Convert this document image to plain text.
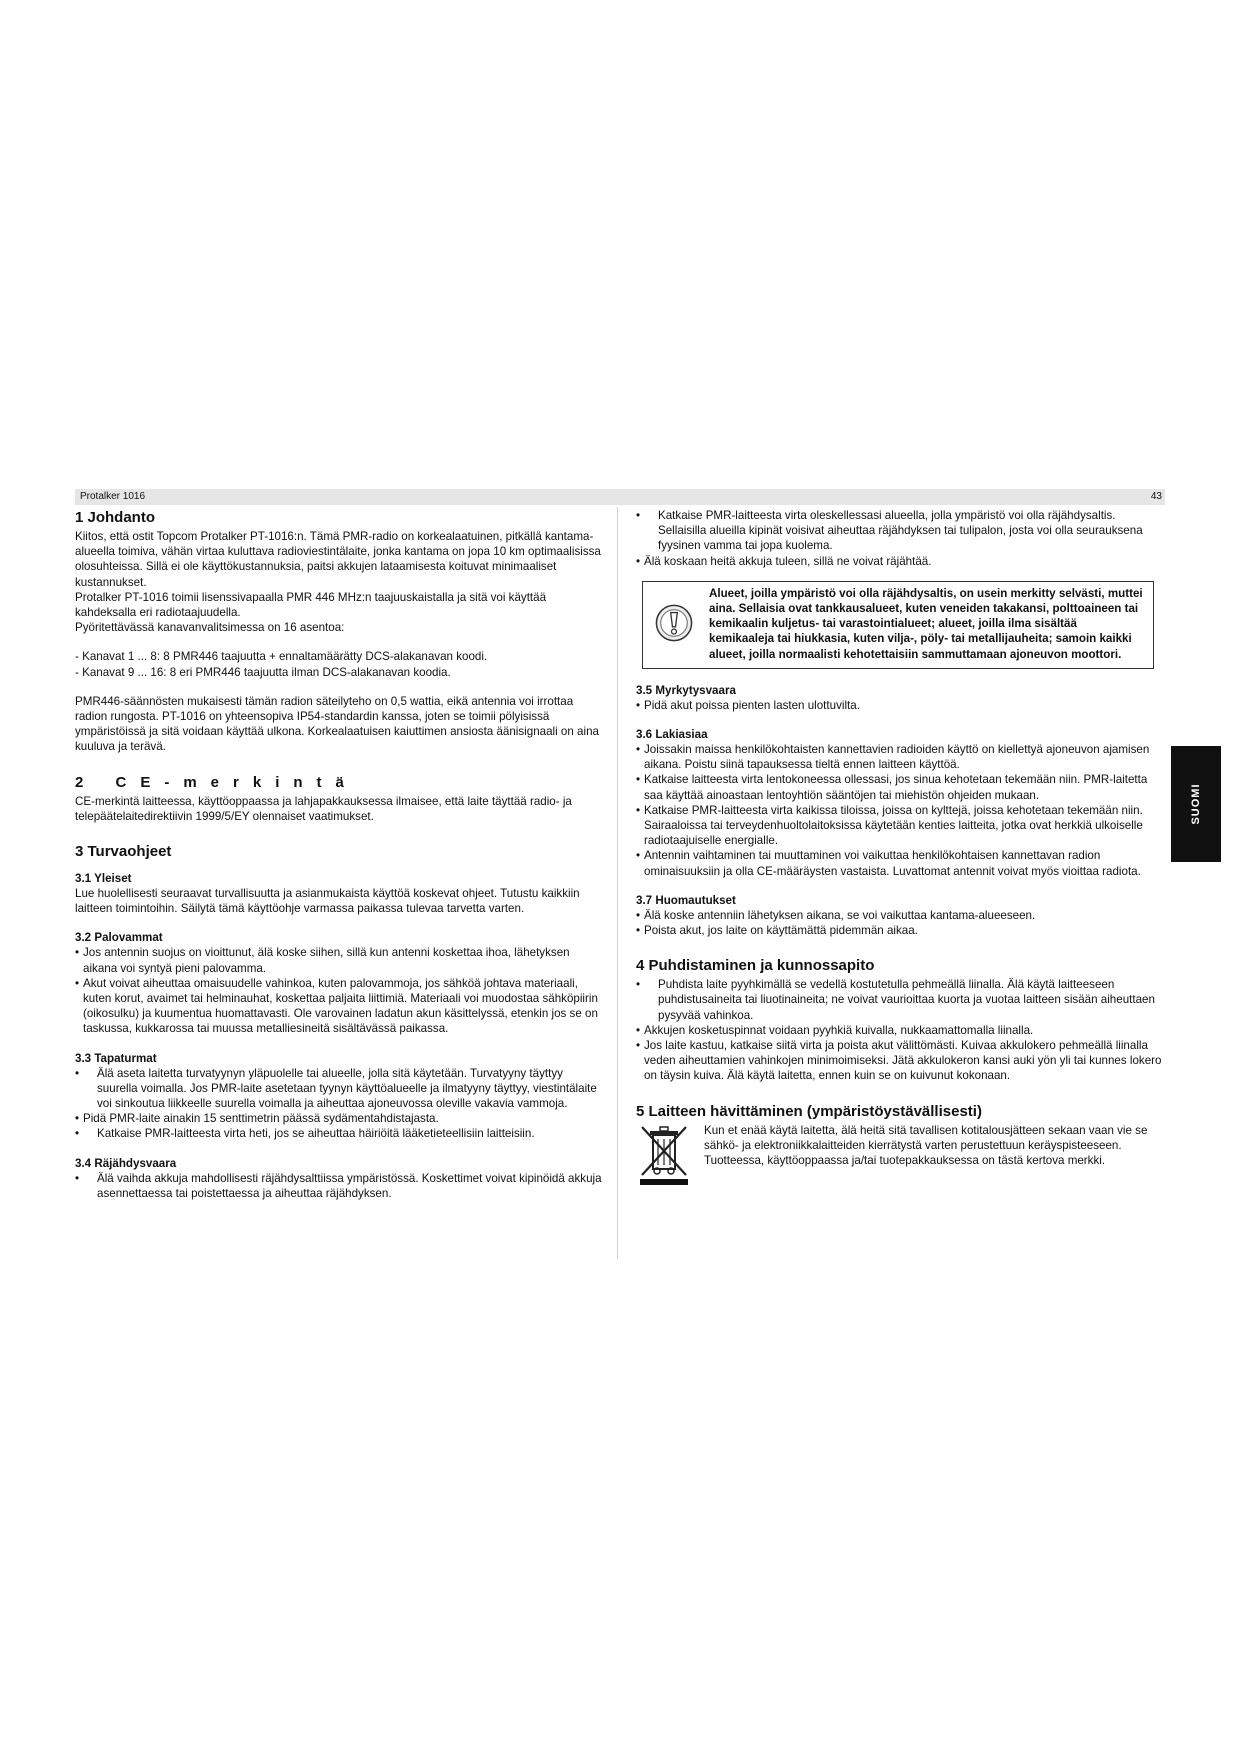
Protalker 1016	43
1 Johdanto

Kiitos, että ostit Topcom Protalker PT-1016:n. Tämä PMR-radio on korkealaatuinen, pitkällä kantama-alueella toimiva, vähän virtaa kuluttava radioviestintälaite, jonka kantama on jopa 10 km optimaalisissa olosuhteissa. Sillä ei ole käyttökustannuksia, paitsi akkujen lataamisesta koituvat minimaaliset kustannukset.

Protalker PT-1016 toimii lisenssivapaalla PMR 446 MHz:n taajuuskaistalla ja sitä voi käyttää kahdeksalla eri radiotaajuudella.

Pyöritettävässä kanavanvalitsimessa on 16 asentoa:

- Kanavat 1 ... 8: 8 PMR446 taajuutta + ennaltamäärätty DCS-alakanavan koodi.

- Kanavat 9 ... 16: 8 eri PMR446 taajuutta ilman DCS-alakanavan koodia.

PMR446-säännösten mukaisesti tämän radion säteilyteho on 0,5 wattia, eikä antennia voi irrottaa radion rungosta. PT-1016 on yhteensopiva IP54-standardin kanssa, joten se toimii pölyisissä ympäristöissä ja sitä voidaan käyttää ulkona. Korkealaatuisen kaiuttimen ansiosta äänisignaali on aina kuuluva ja terävä.

2 CE-merkintä

CE-merkintä laitteessa, käyttöoppaassa ja lahjapakkauksessa ilmaisee, että laite täyttää radio- ja telepäätelaitedirektiivin 1999/5/EY olennaiset vaatimukset.

3 Turvaohjeet
3.1 Yleiset

Lue huolellisesti seuraavat turvallisuutta ja asianmukaista käyttöä koskevat ohjeet. Tutustu kaikkiin laitteen toimintoihin. Säilytä tämä käyttöohje varmassa paikassa tulevaa tarvetta varten.

3.2 Palovammat
• Jos antennin suojus on vioittunut, älä koske siihen, sillä kun antenni koskettaa ihoa, lähetyksen aikana voi syntyä pieni palovamma.
• Akut voivat aiheuttaa omaisuudelle vahinkoa, kuten palovammoja, jos sähköä johtava materiaali, kuten korut, avaimet tai helminauhat, koskettaa paljaita liittimiä. Materiaali voi muodostaa sähköpiirin (oikosulku) ja kuumentua huomattavasti. Ole varovainen ladatun akun käsittelyssä, etenkin jos se on taskussa, kukkarossa tai muussa metalliesineitä sisältävässä paikassa.
3.3 Tapaturmat
• Älä aseta laitetta turvatyynyn yläpuolelle tai alueelle, jolla sitä käytetään. Turvatyyny täyttyy suurella voimalla. Jos PMR-laite asetetaan tyynyn käyttöalueelle ja ilmatyyny täyttyy, viestintälaite voi sinkoutua liikkeelle suurella voimalla ja aiheuttaa ajoneuvossa oleville vakavia vammoja.
• Pidä PMR-laite ainakin 15 senttimetrin päässä sydämentahdistajasta.
• Katkaise PMR-laitteesta virta heti, jos se aiheuttaa häiriöitä lääketieteellisiin laitteisiin.
3.4 Räjähdysvaara
• Älä vaihda akkuja mahdollisesti räjähdysalttiissa ympäristössä. Koskettimet voivat kipinöidä akkuja asennettaessa tai poistettaessa ja aiheuttaa räjähdyksen.
• Katkaise PMR-laitteesta virta oleskellessasi alueella, jolla ympäristö voi olla räjähdysaltis. Sellaisilla alueilla kipinät voisivat aiheuttaa räjähdyksen tai tulipalon, josta voi olla seurauksena fyysinen vamma tai jopa kuolema.
• Älä koskaan heitä akkuja tuleen, sillä ne voivat räjähtää.
Alueet, joilla ympäristö voi olla räjähdysaltis, on usein merkitty selvästi, muttei aina. Sellaisia ovat tankkausalueet, kuten veneiden takakansi, polttoaineen tai kemikaalin kuljetus- tai varastointialueet; alueet, joilla ilma sisältää kemikaaleja tai hiukkasia, kuten vilja-, pöly- tai metallijauheita; samoin kaikki alueet, joilla normaalisti kehotettaisiin sammuttamaan ajoneuvon moottori.
3.5 Myrkytysvaara
• Pidä akut poissa pienten lasten ulottuvilta.
3.6 Lakiasiaa
• Joissakin maissa henkilökohtaisten kannettavien radioiden käyttö on kiellettyä ajoneuvon ajamisen aikana. Poistu siinä tapauksessa tieltä ennen laitteen käyttöä.
• Katkaise laitteesta virta lentokoneessa ollessasi, jos sinua kehotetaan tekemään niin. PMR-laitetta saa käyttää ainoastaan lentoyhtiön sääntöjen tai miehistön ohjeiden mukaan.
• Katkaise PMR-laitteesta virta kaikissa tiloissa, joissa on kylttejä, joissa kehotetaan tekemään niin. Sairaaloissa tai terveydenhuoltolaitoksissa käytetään kenties laitteita, jotka ovat herkkiä ulkoiselle radiotaajuiselle energialle.
• Antennin vaihtaminen tai muuttaminen voi vaikuttaa henkilökohtaisen kannettavan radion ominaisuuksiin ja olla CE-määräysten vastaista. Luvattomat antennit voivat myös vioittaa radiota.
3.7 Huomautukset
• Älä koske antenniin lähetyksen aikana, se voi vaikuttaa kantama-alueeseen.
• Poista akut, jos laite on käyttämättä pidemmän aikaa.
4 Puhdistaminen ja kunnossapito
• Puhdista laite pyyhkimällä se vedellä kostutetulla pehmeällä liinalla. Älä käytä laitteeseen puhdistusaineita tai liuotinaineita; ne voivat vaurioittaa kuorta ja vuotaa laitteen sisään aiheuttaen pysyvää vahinkoa.
• Akkujen kosketuspinnat voidaan pyyhkiä kuivalla, nukkaamattomalla liinalla.
• Jos laite kastuu, katkaise siitä virta ja poista akut välittömästi. Kuivaa akkulokero pehmeällä liinalla veden aiheuttamien vahinkojen minimoimiseksi. Jätä akkulokeron kansi auki yön yli tai kunnes lokero on täysin kuiva. Älä käytä laitetta, ennen kuin se on kuivunut kokonaan.
5 Laitteen hävittäminen (ympäristöystävällisesti)

Kun et enää käytä laitetta, älä heitä sitä tavallisen kotitalousjätteen sekaan vaan vie se sähkö- ja elektroniikkalaitteiden kierrätystä varten perustettuun keräyspisteeseen. Tuotteessa, käyttöoppaassa ja/tai tuotepakkauksessa on tästä kertova merkki.

SUOMI
